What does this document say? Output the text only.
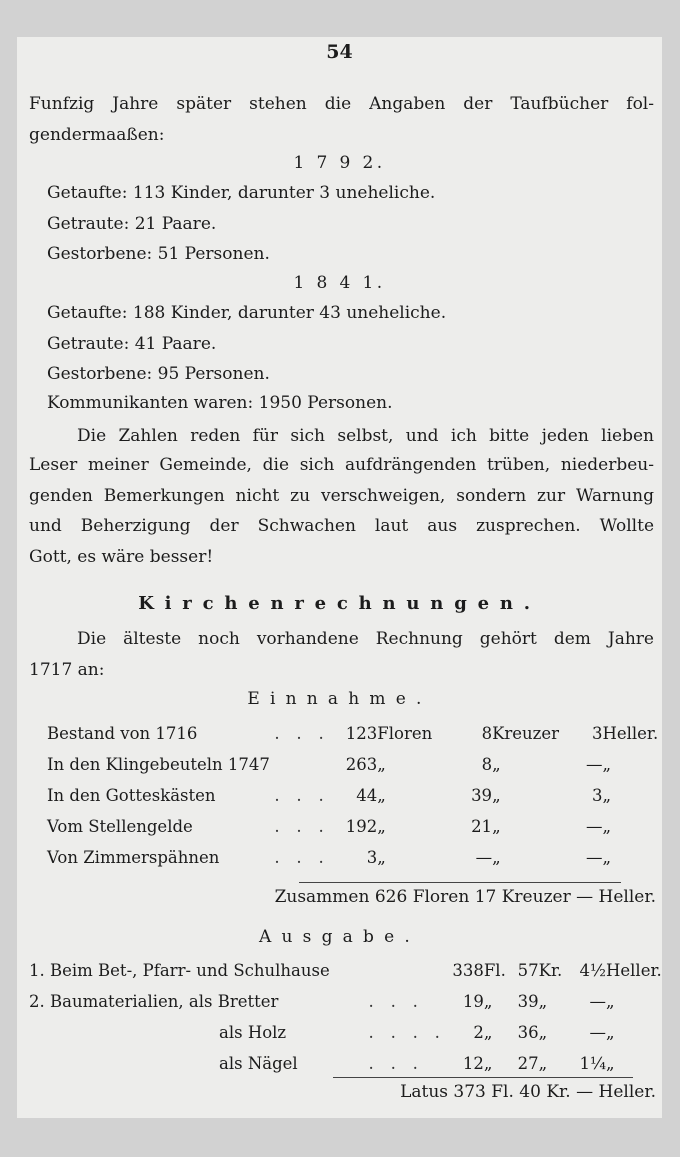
54
Funfzig Jahre später stehen die Angaben der Taufbücher fol-
gendermaaßen:
1 7 9 2.
Getaufte: 113 Kinder, darunter 3 uneheliche.
Getraute: 21 Paare.
Gestorbene: 51 Personen.
1 8 4 1.
Getaufte: 188 Kinder, darunter 43 uneheliche.
Getraute: 41 Paare.
Gestorbene: 95 Personen.
Kommunikanten waren: 1950 Personen.
Die Zahlen reden für sich selbst, und ich bitte jeden lieben
Leser meiner Gemeinde, die sich aufdrängenden trüben, niederbeu-
genden Bemerkungen nicht zu verschweigen, sondern zur Warnung
und Beherzigung der Schwachen laut aus zusprechen. Wollte
Gott, es wäre besser!
Kirchenrechnungen.
Die älteste noch vorhandene Rechnung gehört dem Jahre
1717 an:
Einnahme.
Bestand von 1716	. . .	123	Floren	8	Kreuzer	3	Heller.
In den Klingebeuteln 1747		263	„	8	„	—	„
In den Gotteskästen	. . .	44	„	39	„	3	„
Vom Stellengelde	. . .	192	„	21	„	—	„
Von Zimmerspähnen	. . .	3	„	—	„	—	„
Zusammen 626 Floren 17 Kreuzer — Heller.
Ausgabe.
1. Beim Bet-, Pfarr- und Schulhause		338	Fl.	57	Kr.	4½	Heller.
2. Baumaterialien, als Bretter	. . .	19	„	39	„	—	„
als Holz	. . . .	2	„	36	„	—	„
als Nägel	. . .	12	„	27	„	1¼	„
Latus 373 Fl. 40 Kr. — Heller.
